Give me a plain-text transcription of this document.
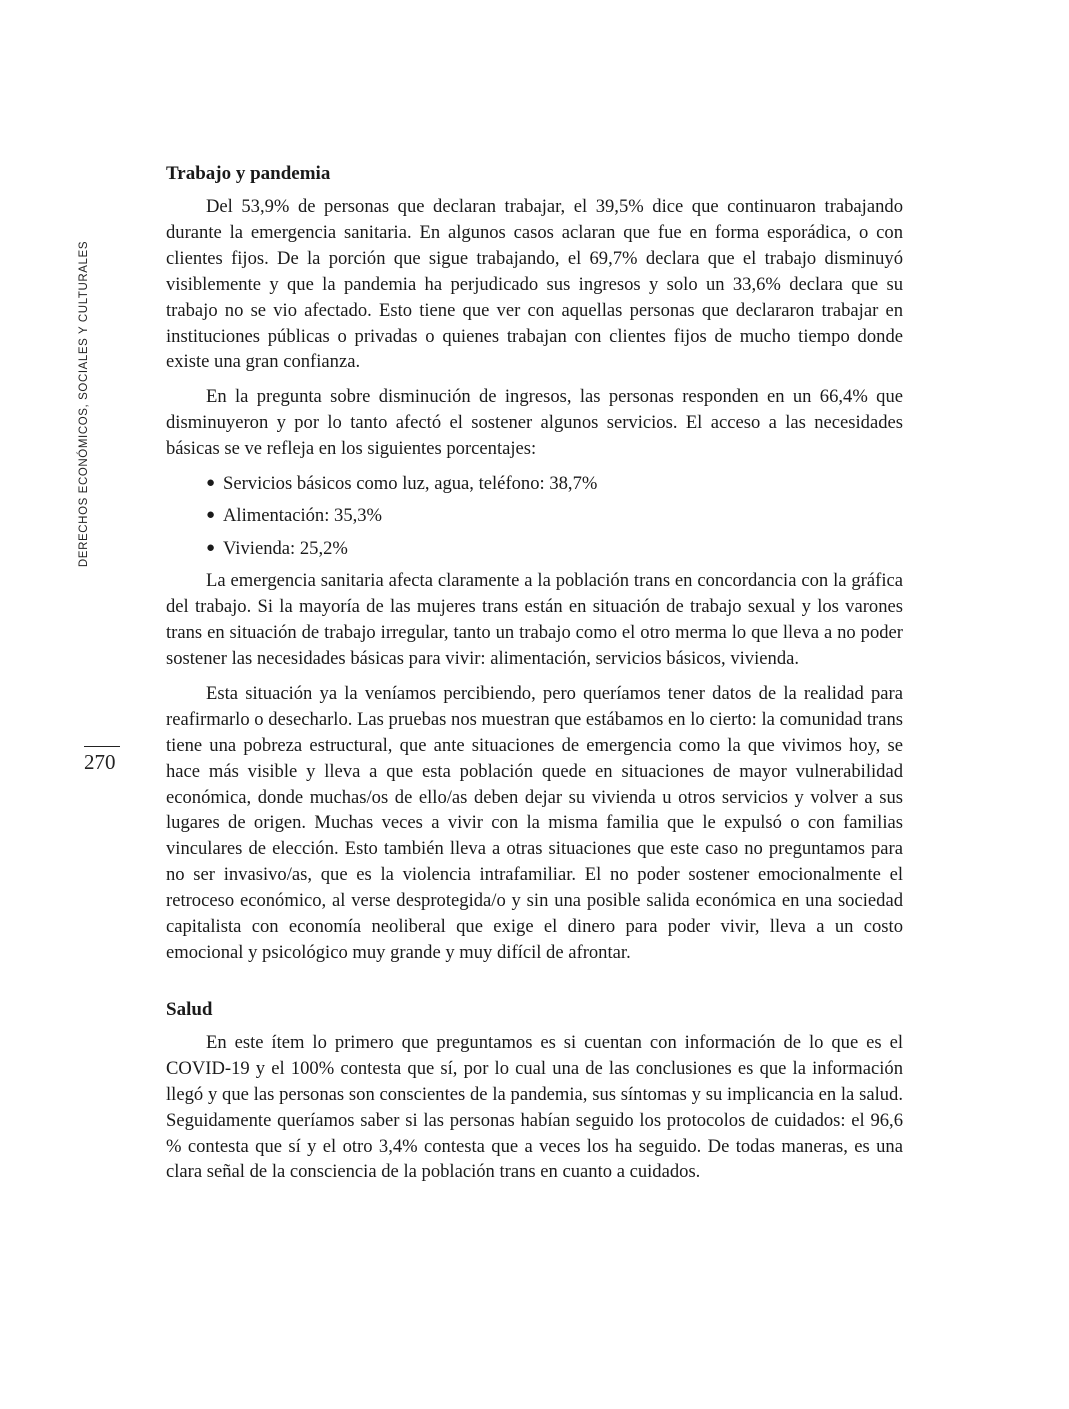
DERECHOS ECONÓMICOS, SOCIALES Y CULTURALES
270
Trabajo y pandemia

Del 53,9% de personas que declaran trabajar, el 39,5% dice que continuaron trabajando durante la emergencia sanitaria. En algunos casos aclaran que fue en forma esporádica, o con clientes fijos. De la porción que sigue trabajando, el 69,7% declara que el trabajo disminuyó visiblemente y que la pandemia ha perjudicado sus ingresos y solo un 33,6% declara que su trabajo no se vio afectado. Esto tiene que ver con aquellas personas que declararon trabajar en instituciones públicas o privadas o quienes trabajan con clientes fijos de mucho tiempo donde existe una gran confianza.

En la pregunta sobre disminución de ingresos, las personas responden en un 66,4% que disminuyeron y por lo tanto afectó el sostener algunos servicios. El acceso a las necesidades básicas se ve refleja en los siguientes porcentajes:

● Servicios básicos como luz, agua, teléfono: 38,7%
● Alimentación: 35,3%
● Vivienda: 25,2%

La emergencia sanitaria afecta claramente a la población trans en concordancia con la gráfica del trabajo. Si la mayoría de las mujeres trans están en situación de trabajo sexual y los varones trans en situación de trabajo irregular, tanto un trabajo como el otro merma lo que lleva a no poder sostener las necesidades básicas para vivir: alimentación, servicios básicos, vivienda.

Esta situación ya la veníamos percibiendo, pero queríamos tener datos de la realidad para reafirmarlo o desecharlo. Las pruebas nos muestran que estábamos en lo cierto: la comunidad trans tiene una pobreza estructural, que ante situaciones de emergencia como la que vivimos hoy, se hace más visible y lleva a que esta población quede en situaciones de mayor vulnerabilidad económica, donde muchas/os de ello/as deben dejar su vivienda u otros servicios y volver a sus lugares de origen. Muchas veces a vivir con la misma familia que le expulsó o con familias vinculares de elección. Esto también lleva a otras situaciones que este caso no preguntamos para no ser invasivo/as, que es la violencia intrafamiliar. El no poder sostener emocionalmente el retroceso económico, al verse desprotegida/o y sin una posible salida económica en una sociedad capitalista con economía neoliberal que exige el dinero para poder vivir, lleva a un costo emocional y psicológico muy grande y muy difícil de afrontar.

Salud

En este ítem lo primero que preguntamos es si cuentan con información de lo que es el COVID-19 y el 100% contesta que sí, por lo cual una de las conclusiones es que la información llegó y que las personas son conscientes de la pandemia, sus síntomas y su implicancia en la salud. Seguidamente queríamos saber si las personas habían seguido los protocolos de cuidados: el 96,6 % contesta que sí y el otro 3,4% contesta que a veces los ha seguido. De todas maneras, es una clara señal de la consciencia de la población trans en cuanto a cuidados.
